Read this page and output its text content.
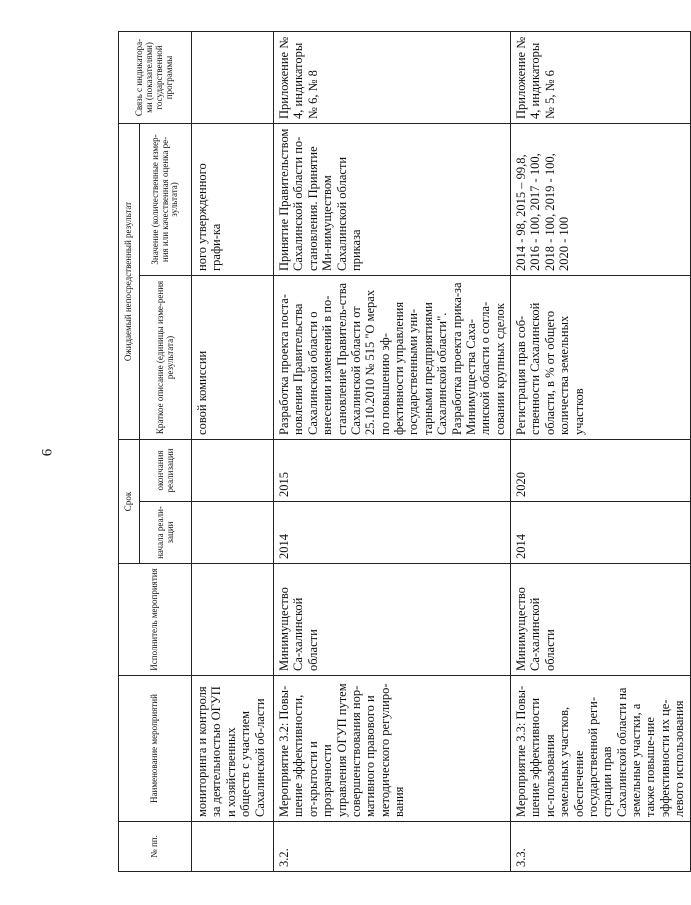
6
№ пп.	Наименование мероприятий	Исполнитель мероприятия	Срок		Ожидаемый непосредственный результат		Связь с индикатора-ми (показателями) государственной программы
			начала реали-зации	окончания реализации	Краткое описание (единицы изме-рения результата)	Значение (количественные измер-ния или качественная оценка ре-зультата)	
	мониторинга и контроля за деятельностью ОГУП и хозяйственных обществ с участием Сахалинской об-ласти				совой комиссии	ного утвержденного графи-ка	
3.2.	Мероприятие 3.2: Повы-шение эффективности, от-крытости и прозрачности управления ОГУП путем совершенствования нор-мативного правового и методического регулиро-вания	Минимущество Са-халинской области	2014	2015	Разработка проекта поста-новления Правительства Сахалинской области о внесении изменений в по-становление Правитель-ства Сахалинской области от 25.10.2010 № 515 "О мерах по повышению эф-фективности управления государственными уни-тарными предприятиями Сахалинской области". Разработка проекта прика-за Минимущества Саха-линской области о согла-совании крупных сделок	Принятие Правительством Сахалинской области по-становления. Принятие Ми-нимуществом Сахалинской области приказа	Приложение № 4, индикаторы № 6, № 8
3.3.	Мероприятие 3.3: Повы-шение эффективности ис-пользования земельных участков, обеспечение государственной реги-страции прав Сахалинской области на земельные участки, а также повыше-ние эффективности их це-левого использования	Минимущество Са-халинской области	2014	2020	Регистрация прав соб-ственности Сахалинской области, в % от общего количества земельных участков	2014 - 98, 2015 – 99,8, 2016 - 100, 2017 - 100, 2018 - 100, 2019 - 100, 2020 - 100	Приложение № 4, индикаторы № 5, № 6
